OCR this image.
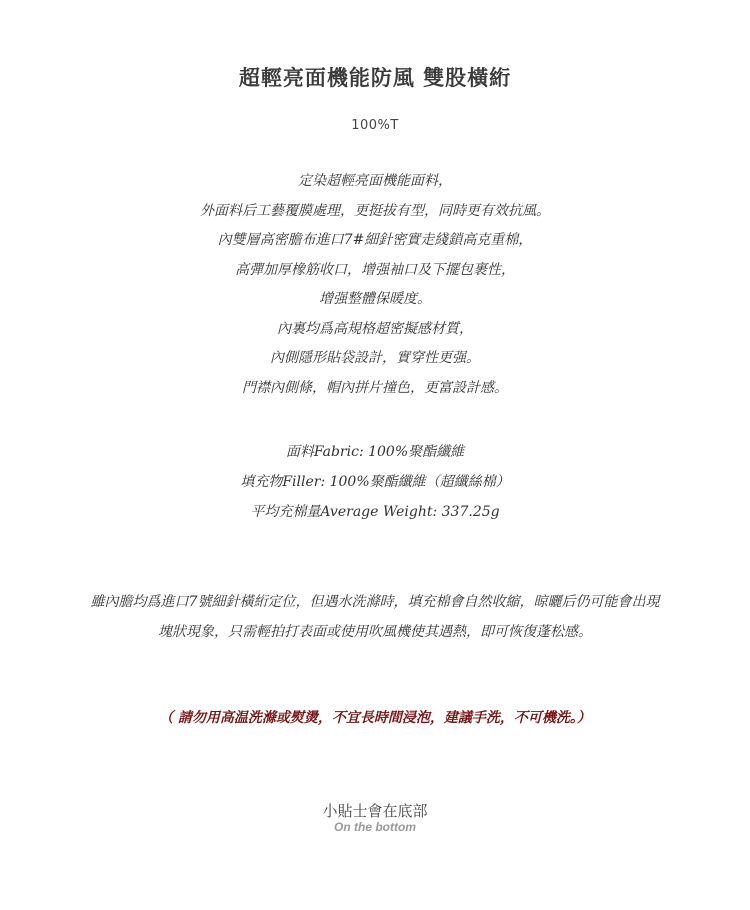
超輕亮面機能防風 雙股橫絎
100%T
定染超輕亮面機能面料，
外面料后工藝覆膜處理，更挺拔有型，同時更有效抗風。
內雙層高密膽布進口7#細針密實走綫鎖高克重棉，
高彈加厚橡筋收口，增强袖口及下擺包裹性，
增强整體保暖度。
內裏均爲高規格超密擬感材質，
內側隱形貼袋設計，實穿性更强。
門襟內側條，帽內拼片撞色，更富設計感。
面料Fabric: 100%聚酯纖維
填充物Filler: 100%聚酯纖維（超纖絲棉）
平均充棉量Average Weight: 337.25g
雖內膽均爲進口7號細針橫絎定位，但遇水洗滌時，填充棉會自然收縮，晾曬后仍可能會出現
塊狀現象，只需輕拍打表面或使用吹風機使其遇熱，即可恢復蓬松感。
（ 請勿用高温洗滌或熨燙，不宜長時間浸泡，建議手洗，不可機洗。）
小貼士會在底部
On the bottom
